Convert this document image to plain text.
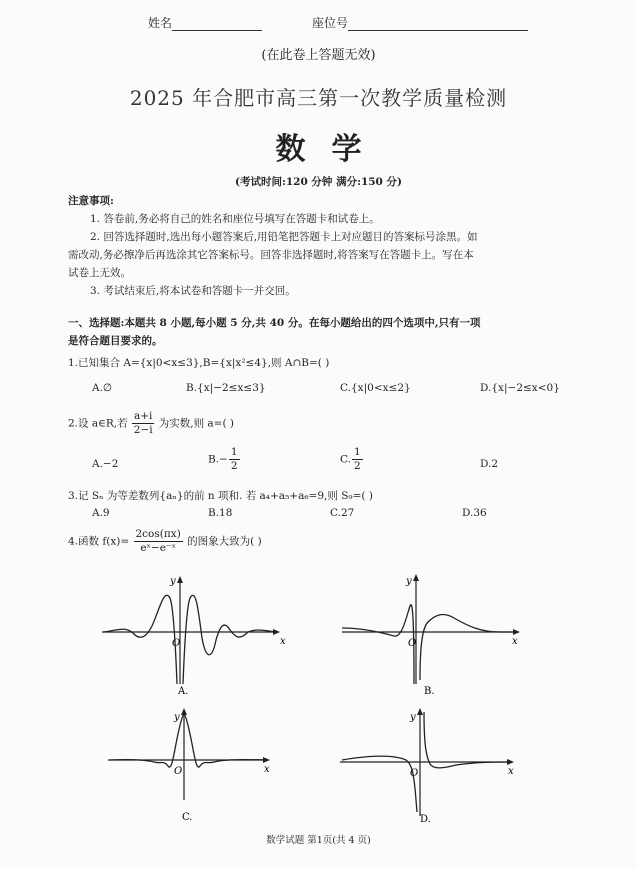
姓名	座位号
(在此卷上答题无效)
2025 年合肥市高三第一次教学质量检测
数学
(考试时间:120 分钟 满分:150 分)
注意事项:
1. 答卷前,务必将自己的姓名和座位号填写在答题卡和试卷上。
2. 回答选择题时,选出每小题答案后,用铅笔把答题卡上对应题目的答案标号涂黑。如
需改动,务必擦净后再选涂其它答案标号。回答非选择题时,将答案写在答题卡上。写在本
试卷上无效。
3. 考试结束后,将本试卷和答题卡一并交回。
一、选择题:本题共 8 小题,每小题 5 分,共 40 分。在每小题给出的四个选项中,只有一项
是符合题目要求的。
1.已知集合 A={x|0<x≤3},B={x|x²≤4},则 A∩B=( )
A.∅	B.{x|−2≤x≤3}	C.{x|0<x≤2}	D.{x|−2≤x<0}
2.设 a∈R,若 $\frac{a+i}{2-i}$ 为实数,则 a=( )
A.−2	$B.- \frac{1}{2}$	C. $\frac{1}{2}$	D.2
3.记 Sₙ 为等差数列{aₙ}的前 n 项和. 若 a₄+a₅+a₆=9,则 S₉=( )
A.9	B.18	C.27	D.36
4.函数 $f(x)= \frac{2\cos(\pi x)}{\text{eˣ−e⁻ˣ}}$ 的图象大致为( )
x
y
O
A.
x
y
O
B.
x
y
O
C.
x
y
O
D.
数学试题 第1页(共 4 页)
